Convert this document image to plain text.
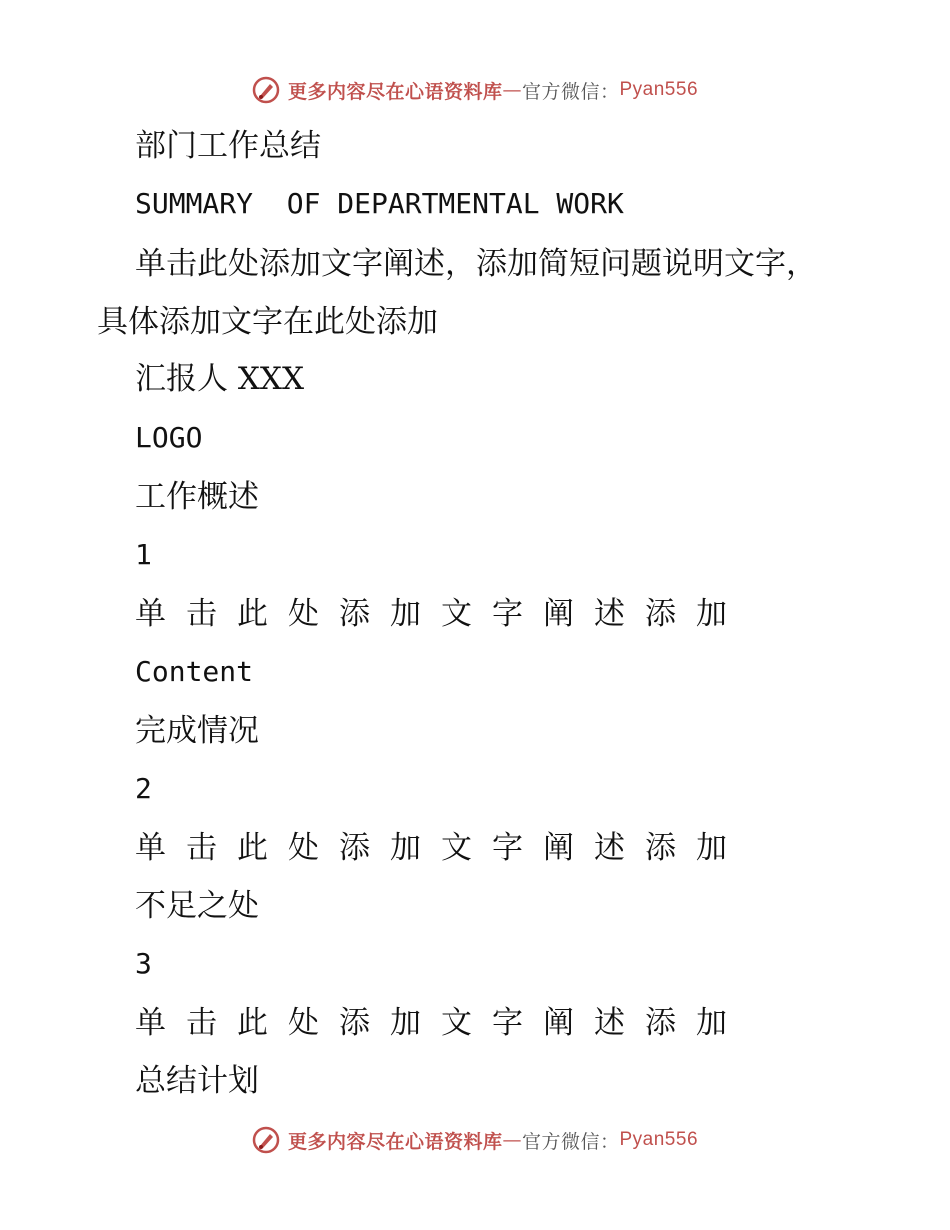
更多内容尽在心语资料库 — 官方微信： Pyan556
部门工作总结
SUMMARY  OF DEPARTMENTAL WORK
单击此处添加文字阐述，添加简短问题说明文字，具体添加文字在此处添加
汇报人 XXX
LOGO
工作概述
1
单击此处添加文字阐述添加
Content
完成情况
2
单击此处添加文字阐述添加
不足之处
3
单击此处添加文字阐述添加
总结计划
更多内容尽在心语资料库 — 官方微信： Pyan556
